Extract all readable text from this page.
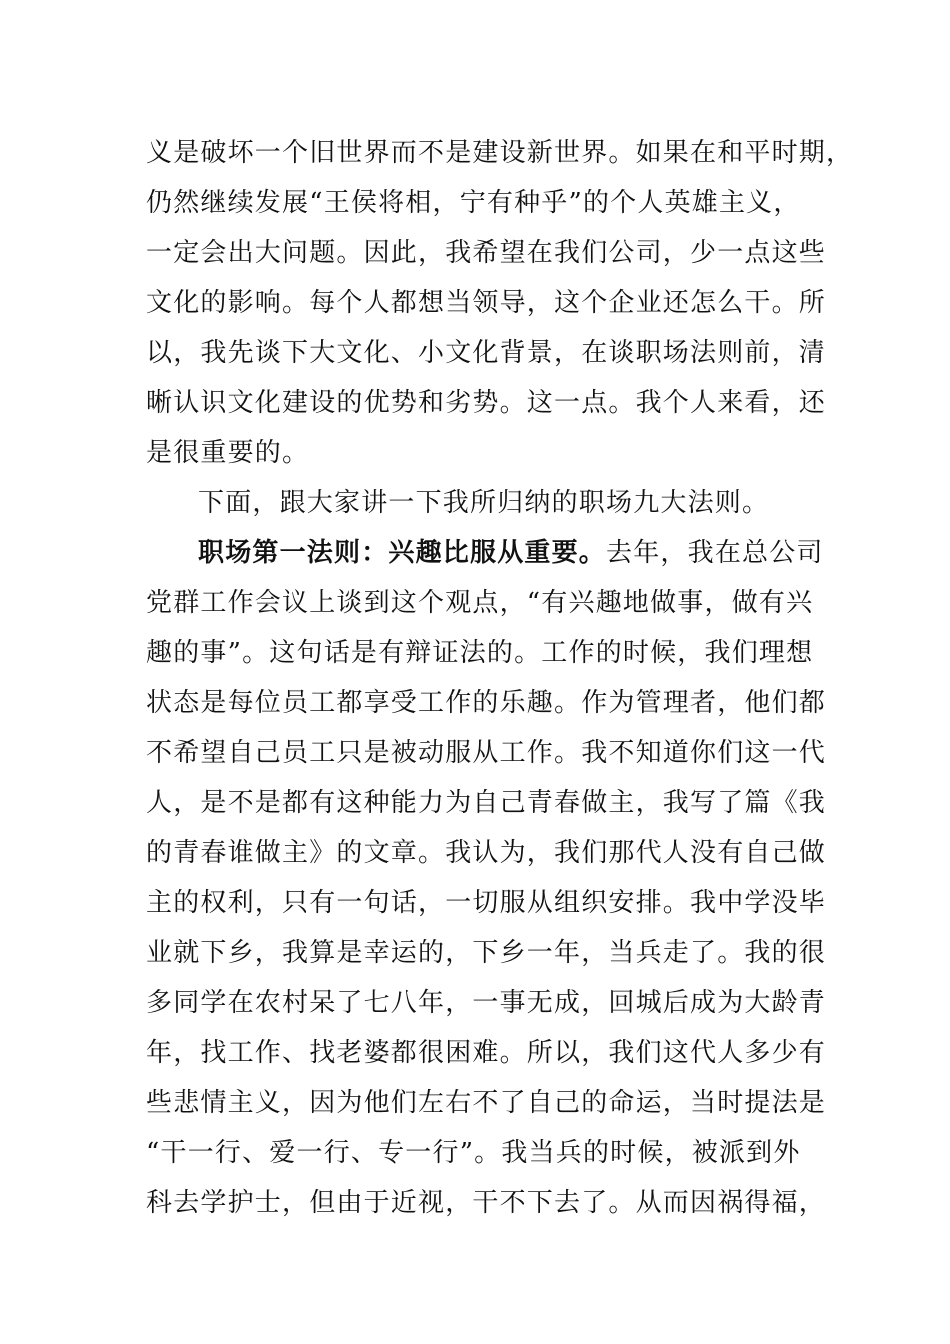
义是破坏一个旧世界而不是建设新世界。如果在和平时期，
仍然继续发展“王侯将相，宁有种乎”的个人英雄主义，
一定会出大问题。因此，我希望在我们公司，少一点这些
文化的影响。每个人都想当领导，这个企业还怎么干。所
以，我先谈下大文化、小文化背景，在谈职场法则前，清
晰认识文化建设的优势和劣势。这一点。我个人来看，还
是很重要的。
下面，跟大家讲一下我所归纳的职场九大法则。
职场第一法则：兴趣比服从重要。去年，我在总公司
党群工作会议上谈到这个观点，“有兴趣地做事，做有兴
趣的事”。这句话是有辩证法的。工作的时候，我们理想
状态是每位员工都享受工作的乐趣。作为管理者，他们都
不希望自己员工只是被动服从工作。我不知道你们这一代
人，是不是都有这种能力为自己青春做主，我写了篇《我
的青春谁做主》的文章。我认为，我们那代人没有自己做
主的权利，只有一句话，一切服从组织安排。我中学没毕
业就下乡，我算是幸运的，下乡一年，当兵走了。我的很
多同学在农村呆了七八年，一事无成，回城后成为大龄青
年，找工作、找老婆都很困难。所以，我们这代人多少有
些悲情主义，因为他们左右不了自己的命运，当时提法是
“干一行、爱一行、专一行”。我当兵的时候，被派到外
科去学护士，但由于近视，干不下去了。从而因祸得福，
